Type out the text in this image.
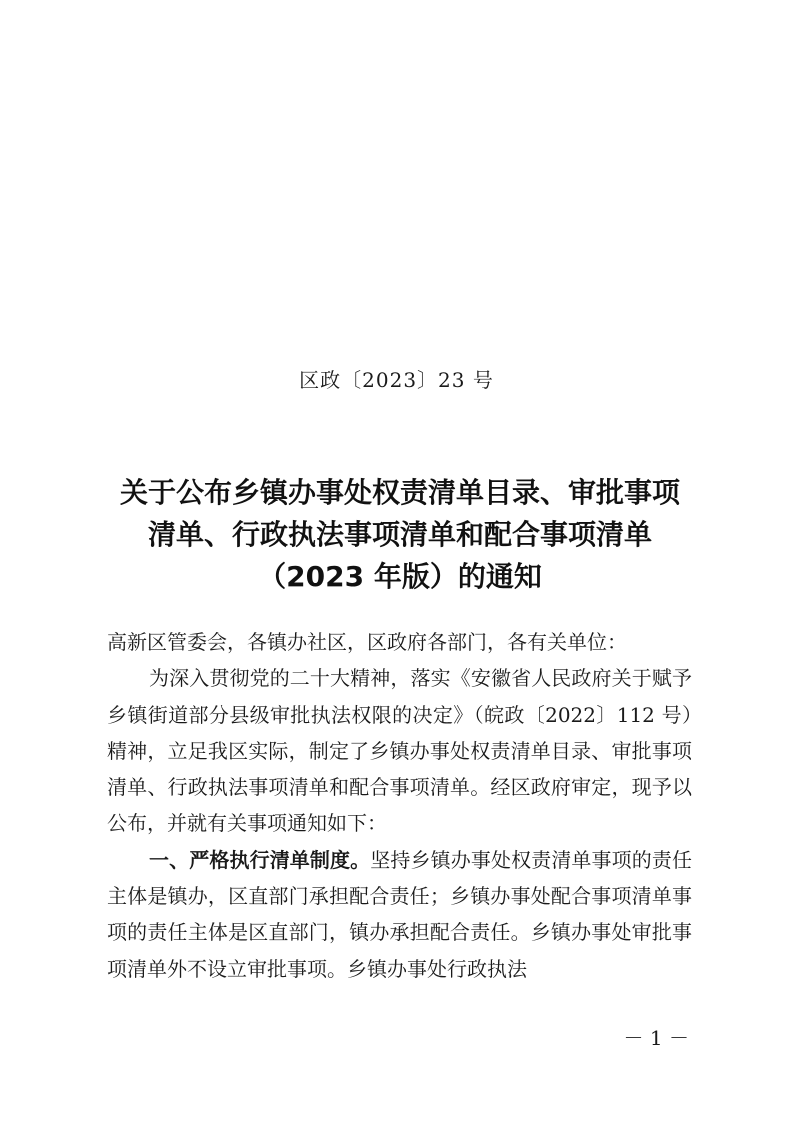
区政〔2023〕23 号
关于公布乡镇办事处权责清单目录、审批事项
清单、行政执法事项清单和配合事项清单
（2023 年版）的通知

高新区管委会，各镇办社区，区政府各部门，各有关单位：

为深入贯彻党的二十大精神，落实《安徽省人民政府关于赋予乡镇街道部分县级审批执法权限的决定》（皖政〔2022〕112 号）精神，立足我区实际，制定了乡镇办事处权责清单目录、审批事项清单、行政执法事项清单和配合事项清单。经区政府审定，现予以公布，并就有关事项通知如下：

一、严格执行清单制度。坚持乡镇办事处权责清单事项的责任主体是镇办，区直部门承担配合责任；乡镇办事处配合事项清单事项的责任主体是区直部门，镇办承担配合责任。乡镇办事处审批事项清单外不设立审批事项。乡镇办事处行政执法

－ 1 －
